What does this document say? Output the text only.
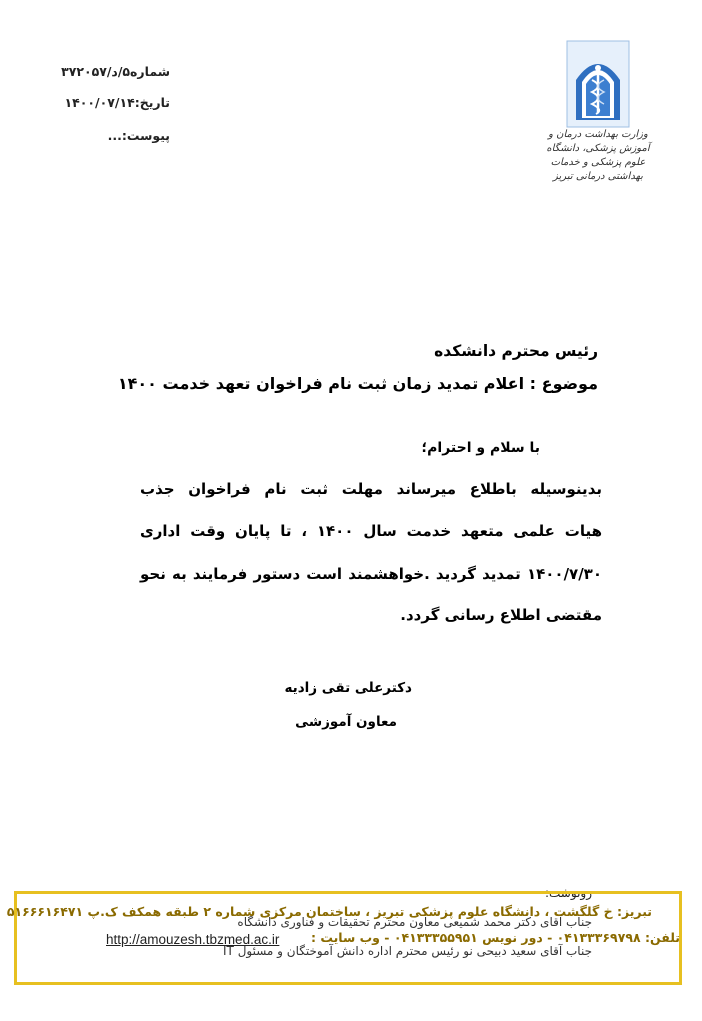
شماره۵/د/۳۷۲۰۵۷
تاریخ:۱۴۰۰/۰۷/۱۴
پیوست:...	وزارت بهداشت درمان و آموزش پزشکی، دانشگاه علوم پزشکی و خدمات بهداشتی درمانی تبریز
رئیس محترم دانشکده
موضوع : اعلام تمدید زمان ثبت نام فراخوان تعهد خدمت ۱۴۰۰
با سلام و احترام؛
بدینوسیله باطلاع میرساند مهلت ثبت نام فراخوان جذب
هیات علمی متعهد خدمت سال ۱۴۰۰ ، تا پایان وقت اداری
۱۴۰۰/۷/۳۰ تمدید گردید .خواهشمند است دستور فرمایند به نحو
مقتضی اطلاع رسانی گردد.
دکترعلی تقی زادیه
معاون آموزشی
رونوشت:
جناب آقای دکتر محمد شمیعی معاون محترم تحقیقات و فناوری دانشگاه
جناب آقای سعید دبیحی نو رئیس محترم اداره دانش آموختگان و مسئول IT
تبریز: خ گلگشت ، دانشگاه علوم پزشکی تبریز ، ساختمان مرکزی شماره ۲ طبقه همکف ک.پ ۵۱۶۶۶۱۶۴۷۱
تلفن: ۰۴۱۳۳۳۶۹۷۹۸ - دور نویس ۰۴۱۳۳۳۵۵۹۵۱ - وب سایت :
http://amouzesh.tbzmed.ac.ir
